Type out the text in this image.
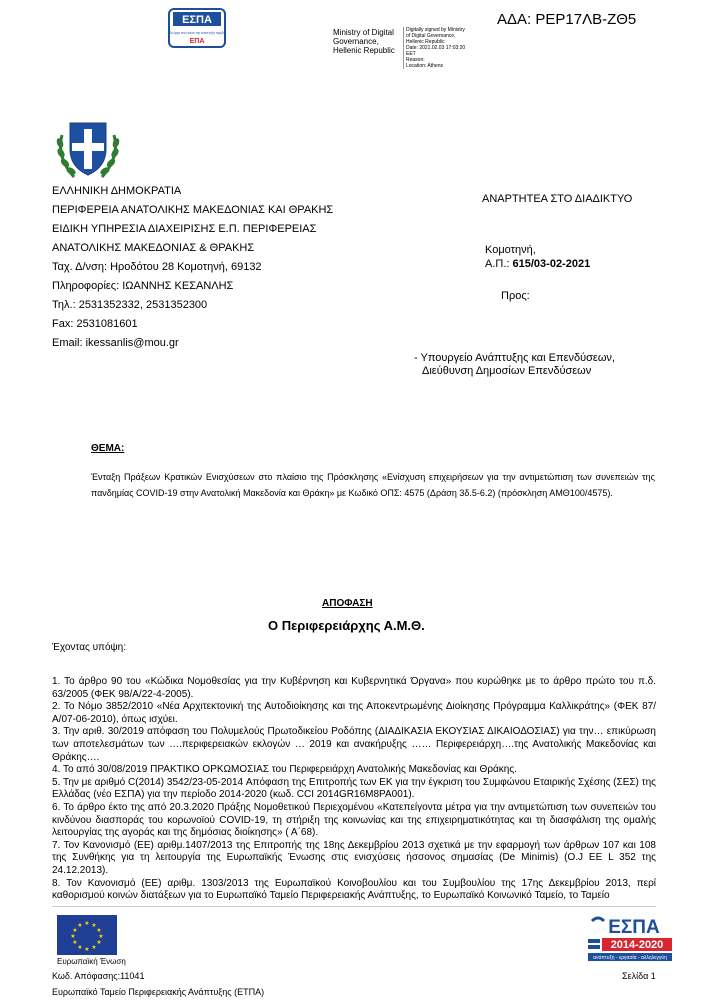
ΕΣΠΑ
Το έργο που κάνει την ανάπτυξη πράξη
ΕΠΑ
Ministry of Digital
Governance,
Hellenic Republic
Digitally signed by Ministry
of Digital Governance,
Hellenic Republic
Date: 2021.02.03 17:03:20
EET
Reason:
Location: Athens
ΑΔΑ: ΡΕΡ17ΛΒ-ΖΘ5
ΕΛΛΗΝΙΚΗ ΔΗΜΟΚΡΑΤΙΑ
ΠΕΡΙΦΕΡΕΙΑ ΑΝΑΤΟΛΙΚΗΣ ΜΑΚΕΔΟΝΙΑΣ ΚΑΙ ΘΡΑΚΗΣ
ΕΙΔΙΚΗ ΥΠΗΡΕΣΙΑ ΔΙΑΧΕΙΡΙΣΗΣ Ε.Π. ΠΕΡΙΦΕΡΕΙΑΣ
ΑΝΑΤΟΛΙΚΗΣ ΜΑΚΕΔΟΝΙΑΣ & ΘΡΑΚΗΣ
Ταχ. Δ/νση: Ηροδότου 28 Κομοτηνή, 69132
Πληροφορίες: ΙΩΑΝΝΗΣ ΚΕΣΑΝΛΗΣ
Τηλ.: 2531352332, 2531352300
Fax: 2531081601
Email: ikessanlis@mou.gr
ΑΝΑΡΤΗΤΕΑ ΣΤΟ ΔΙΑΔΙΚΤΥΟ
Κομοτηνή,
Α.Π.: 615/03-02-2021
Προς:
- Υπουργείο Ανάπτυξης και Επενδύσεων,
Διεύθυνση Δημοσίων Επενδύσεων
ΘΕΜΑ:
Ένταξη Πράξεων Κρατικών Ενισχύσεων στο πλαίσιο της Πρόσκλησης «Ενίσχυση επιχειρήσεων για την αντιμετώπιση των συνεπειών της πανδημίας COVID-19 στην Ανατολική Μακεδονία και Θράκη» με Κωδικό ΟΠΣ: 4575 (Δράση 3δ.5-6.2) (πρόσκληση ΑΜΘ100/4575).
ΑΠΟΦΑΣΗ
Ο Περιφερειάρχης Α.Μ.Θ.
Έχοντας υπόψη:
1. Το άρθρο 90 του «Κώδικα Νομοθεσίας για την Κυβέρνηση και Κυβερνητικά Όργανα» που κυρώθηκε με το άρθρο πρώτο του π.δ. 63/2005 (ΦΕΚ 98/Α/22-4-2005).
2. Το Νόμο 3852/2010 «Νέα Αρχιτεκτονική της Αυτοδιοίκησης και της Αποκεντρωμένης Διοίκησης Πρόγραμμα Καλλικράτης» (ΦΕΚ 87/Α/07-06-2010), όπως ισχύει.
3. Την αριθ. 30/2019 απόφαση του Πολυμελούς Πρωτοδικείου Ροδόπης (ΔΙΑΔΙΚΑΣΙΑ ΕΚΟΥΣΙΑΣ ΔΙΚΑΙΟΔΟΣΙΑΣ) για την… επικύρωση των αποτελεσμάτων των ….περιφερειακών εκλογών … 2019 και ανακήρυξης …… Περιφερειάρχη….της Ανατολικής Μακεδονίας και Θράκης….
4. Το από 30/08/2019 ΠΡΑΚΤΙΚΟ ΟΡΚΩΜΟΣΙΑΣ του Περιφερειάρχη Ανατολικής Μακεδονίας και Θράκης.
5. Την με αριθμό C(2014) 3542/23-05-2014 Απόφαση της Επιτροπής των ΕΚ για την έγκριση του Συμφώνου Εταιρικής Σχέσης (ΣΕΣ) της Ελλάδας (νέο ΕΣΠΑ) για την περίοδο 2014-2020 (κωδ. CCI 2014GR16M8PA001).
6. Το άρθρο έκτο της από 20.3.2020 Πράξης Νομοθετικού Περιεχομένου «Κατεπείγοντα μέτρα για την αντιμετώπιση των συνεπειών του κινδύνου διασποράς του κορωνοϊού COVID-19, τη στήριξη της κοινωνίας και της επιχειρηματικότητας και τη διασφάλιση της ομαλής λειτουργίας της αγοράς και της δημόσιας διοίκησης» ( Α΄68).
7. Τον Κανονισμό (ΕΕ) αριθμ.1407/2013 της Επιτροπής της 18ης Δεκεμβρίου 2013 σχετικά με την εφαρμογή των άρθρων 107 και 108 της Συνθήκης για τη λειτουργία της Ευρωπαϊκής Ένωσης στις ενισχύσεις ήσσονος σημασίας (De Minimis) (O.J EE L 352 της 24.12.2013).
8. Τον Κανονισμό (ΕΕ) αριθμ. 1303/2013 της Ευρωπαϊκού Κοινοβουλίου και του Συμβουλίου της 17ης Δεκεμβρίου 2013, περί καθορισμού κοινών διατάξεων για το Ευρωπαϊκό Ταμείο Περιφερειακής Ανάπτυξης, το Ευρωπαϊκό Κοινωνικό Ταμείο, το Ταμείο
★ ★
★
★
★
★
★
★
★
★
★
★
Ευρωπαϊκή Ένωση
ΕΣΠΑ
2014-2020
ανάπτυξη - εργασία - αλληλεγγύη
Κωδ. Απόφασης:11041	Σελίδα 1
Ευρωπαϊκό Ταμείο Περιφερειακής Ανάπτυξης (ΕΤΠΑ)
